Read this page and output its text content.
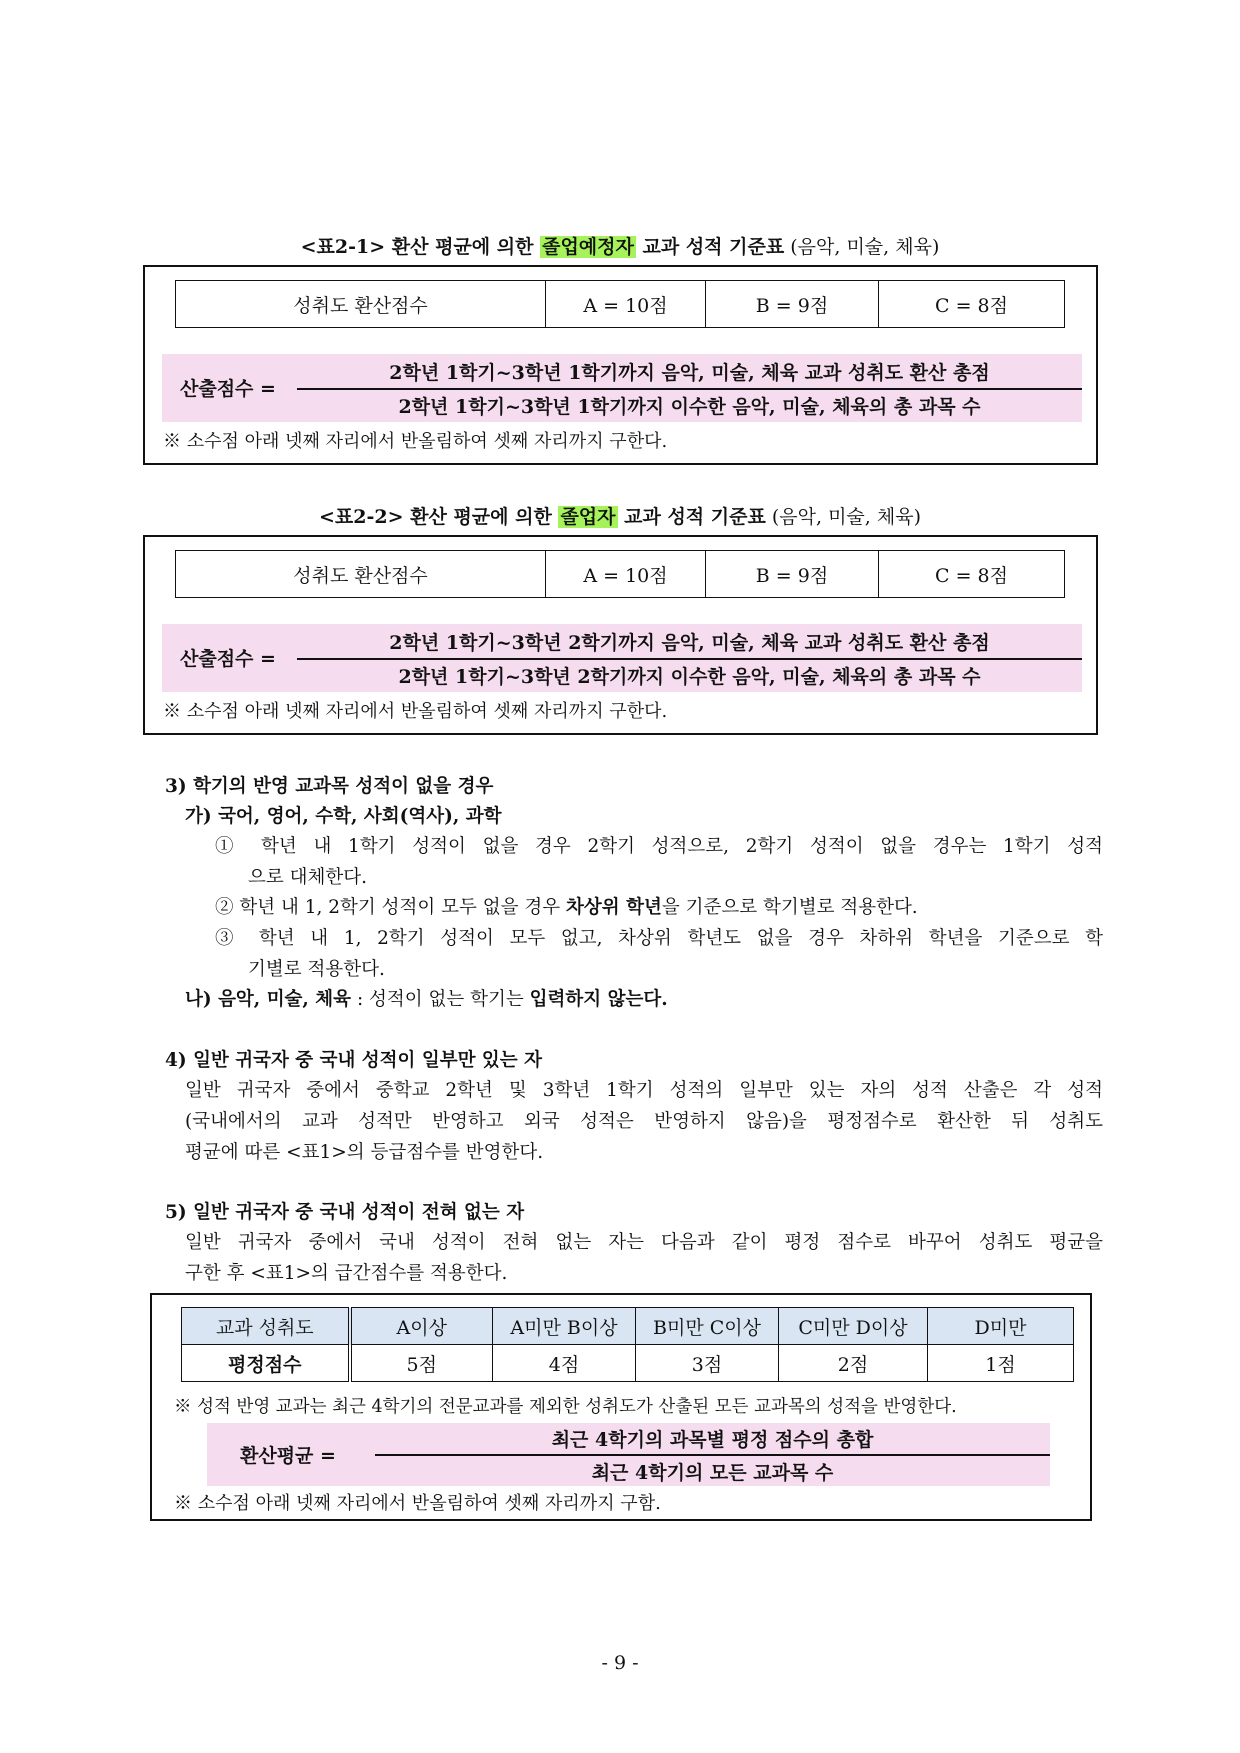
<표2-1> 환산 평균에 의한 졸업예정자 교과 성적 기준표 (음악, 미술, 체육)
성취도 환산점수	A = 10점	B = 9점	C = 8점
산출점수 =
2학년 1학기~3학년 1학기까지 음악, 미술, 체육 교과 성취도 환산 총점
2학년 1학기~3학년 1학기까지 이수한 음악, 미술, 체육의 총 과목 수
※ 소수점 아래 넷째 자리에서 반올림하여 셋째 자리까지 구한다.
<표2-2> 환산 평균에 의한 졸업자 교과 성적 기준표 (음악, 미술, 체육)
성취도 환산점수	A = 10점	B = 9점	C = 8점
산출점수 =
2학년 1학기~3학년 2학기까지 음악, 미술, 체육 교과 성취도 환산 총점
2학년 1학기~3학년 2학기까지 이수한 음악, 미술, 체육의 총 과목 수
※ 소수점 아래 넷째 자리에서 반올림하여 셋째 자리까지 구한다.
3) 학기의 반영 교과목 성적이 없을 경우
가) 국어, 영어, 수학, 사회(역사), 과학
① 학년 내 1학기 성적이 없을 경우 2학기 성적으로, 2학기 성적이 없을 경우는 1학기 성적
으로 대체한다.
② 학년 내 1, 2학기 성적이 모두 없을 경우 차상위 학년을 기준으로 학기별로 적용한다.
③ 학년 내 1, 2학기 성적이 모두 없고, 차상위 학년도 없을 경우 차하위 학년을 기준으로 학
기별로 적용한다.
나) 음악, 미술, 체육 : 성적이 없는 학기는 입력하지 않는다.
4) 일반 귀국자 중 국내 성적이 일부만 있는 자
일반 귀국자 중에서 중학교 2학년 및 3학년 1학기 성적의 일부만 있는 자의 성적 산출은 각 성적
(국내에서의 교과 성적만 반영하고 외국 성적은 반영하지 않음)을 평정점수로 환산한 뒤 성취도
평균에 따른 <표1>의 등급점수를 반영한다.
5) 일반 귀국자 중 국내 성적이 전혀 없는 자
일반 귀국자 중에서 국내 성적이 전혀 없는 자는 다음과 같이 평정 점수로 바꾸어 성취도 평균을
구한 후 <표1>의 급간점수를 적용한다.
교과 성취도	A이상	A미만 B이상	B미만 C이상	C미만 D이상	D미만
평정점수	5점	4점	3점	2점	1점
※ 성적 반영 교과는 최근 4학기의 전문교과를 제외한 성취도가 산출된 모든 교과목의 성적을 반영한다.
환산평균 =
최근 4학기의 과목별 평정 점수의 총합
최근 4학기의 모든 교과목 수
※ 소수점 아래 넷째 자리에서 반올림하여 셋째 자리까지 구함.
- 9 -
